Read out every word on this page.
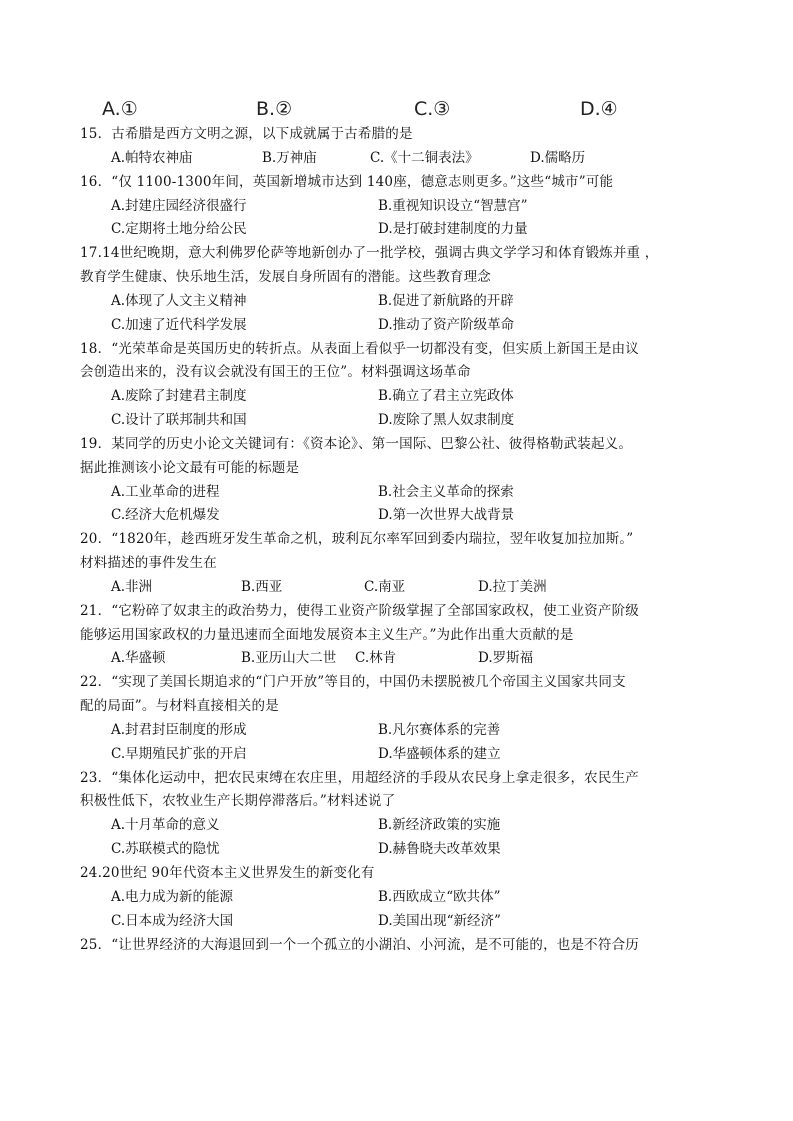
A.①	B.②	C.③	D.④
15．古希腊是西方文明之源，以下成就属于古希腊的是
A.帕特农神庙	B.万神庙	C.《十二铜表法》	D.儒略历
16．“仅 1100-1300年间，英国新增城市达到 140座，德意志则更多。”这些“城市”可能
A.封建庄园经济很盛行	B.重视知识设立“智慧宫”
C.定期将土地分给公民	D.是打破封建制度的力量
17.14世纪晚期，意大利佛罗伦萨等地新创办了一批学校，强调古典文学学习和体育锻炼并重 ，
教育学生健康、快乐地生活，发展自身所固有的潜能。这些教育理念
A.体现了人文主义精神	B.促进了新航路的开辟
C.加速了近代科学发展	D.推动了资产阶级革命
18．“光荣革命是英国历史的转折点。从表面上看似乎一切都没有变，但实质上新国王是由议
会创造出来的，没有议会就没有国王的王位”。材料强调这场革命
A.废除了封建君主制度	B.确立了君主立宪政体
C.设计了联邦制共和国	D.废除了黑人奴隶制度
19．某同学的历史小论文关键词有：《资本论》、第一国际、巴黎公社、彼得格勒武装起义。
据此推测该小论文最有可能的标题是
A.工业革命的进程	B.社会主义革命的探索
C.经济大危机爆发	D.第一次世界大战背景
20．“1820年，趁西班牙发生革命之机，玻利瓦尔率军回到委内瑞拉，翌年收复加拉加斯。”
材料描述的事件发生在
A.非洲	B.西亚	C.南亚	D.拉丁美洲
21．“它粉碎了奴隶主的政治势力，使得工业资产阶级掌握了全部国家政权，使工业资产阶级
能够运用国家政权的力量迅速而全面地发展资本主义生产。”为此作出重大贡献的是
A.华盛顿	B.亚历山大二世 C.林肯	D.罗斯福
22．“实现了美国长期追求的“门户开放”等目的，中国仍未摆脱被几个帝国主义国家共同支
配的局面”。与材料直接相关的是
A.封君封臣制度的形成	B.凡尔赛体系的完善
C.早期殖民扩张的开启	D.华盛顿体系的建立
23．“集体化运动中，把农民束缚在农庄里，用超经济的手段从农民身上拿走很多，农民生产
积极性低下，农牧业生产长期停滞落后。”材料述说了
A.十月革命的意义	B.新经济政策的实施
C.苏联模式的隐忧	D.赫鲁晓夫改革效果
24.20世纪 90年代资本主义世界发生的新变化有
A.电力成为新的能源	B.西欧成立“欧共体”
C.日本成为经济大国	D.美国出现“新经济”
25．“让世界经济的大海退回到一个一个孤立的小湖泊、小河流，是不可能的，也是不符合历
